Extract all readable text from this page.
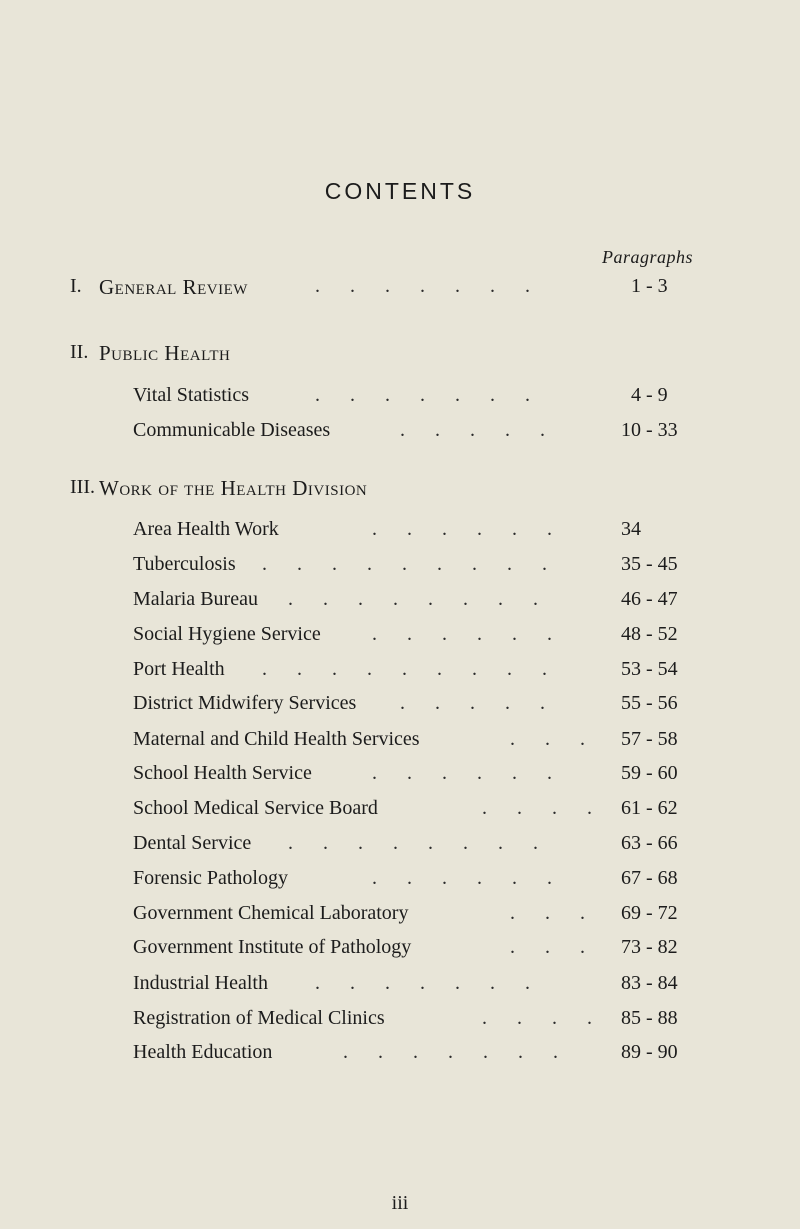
CONTENTS
Paragraphs
I. General Review	.      .      .      .      .      .      .	1 - 3
II. Public Health
Vital Statistics	.      .      .      .      .      .      .	4 - 9
Communicable Diseases	.      .      .      .      .	10 - 33
III. Work of the Health Division
Area Health Work	.      .      .      .      .      .	34
Tuberculosis .      .      .      .      .      .      .      .      .	35 - 45
Malaria Bureau .      .      .      .      .      .      .      .	46 - 47
Social Hygiene Service	.      .      .      .      .      .	48 - 52
Port Health .      .      .      .      .      .      .      .      .	53 - 54
District Midwifery Services .      .      .      .      .	55 - 56
Maternal and Child Health Services	.      .      . 57 - 58
School Health Service	.      .      .      .      .      .	59 - 60
School Medical Service Board	.      .      .      . 61 - 62
Dental Service .      .      .      .      .      .      .      .	63 - 66
Forensic Pathology	.      .      .      .      .      .	67 - 68
Government Chemical Laboratory	.      .      . 69 - 72
Government Institute of Pathology	.      .      . 73 - 82
Industrial Health .      .      .      .      .      .      .	83 - 84
Registration of Medical Clinics	.      .      .      . 85 - 88
Health Education	.      .      .      .      .      .      .	89 - 90
iii
